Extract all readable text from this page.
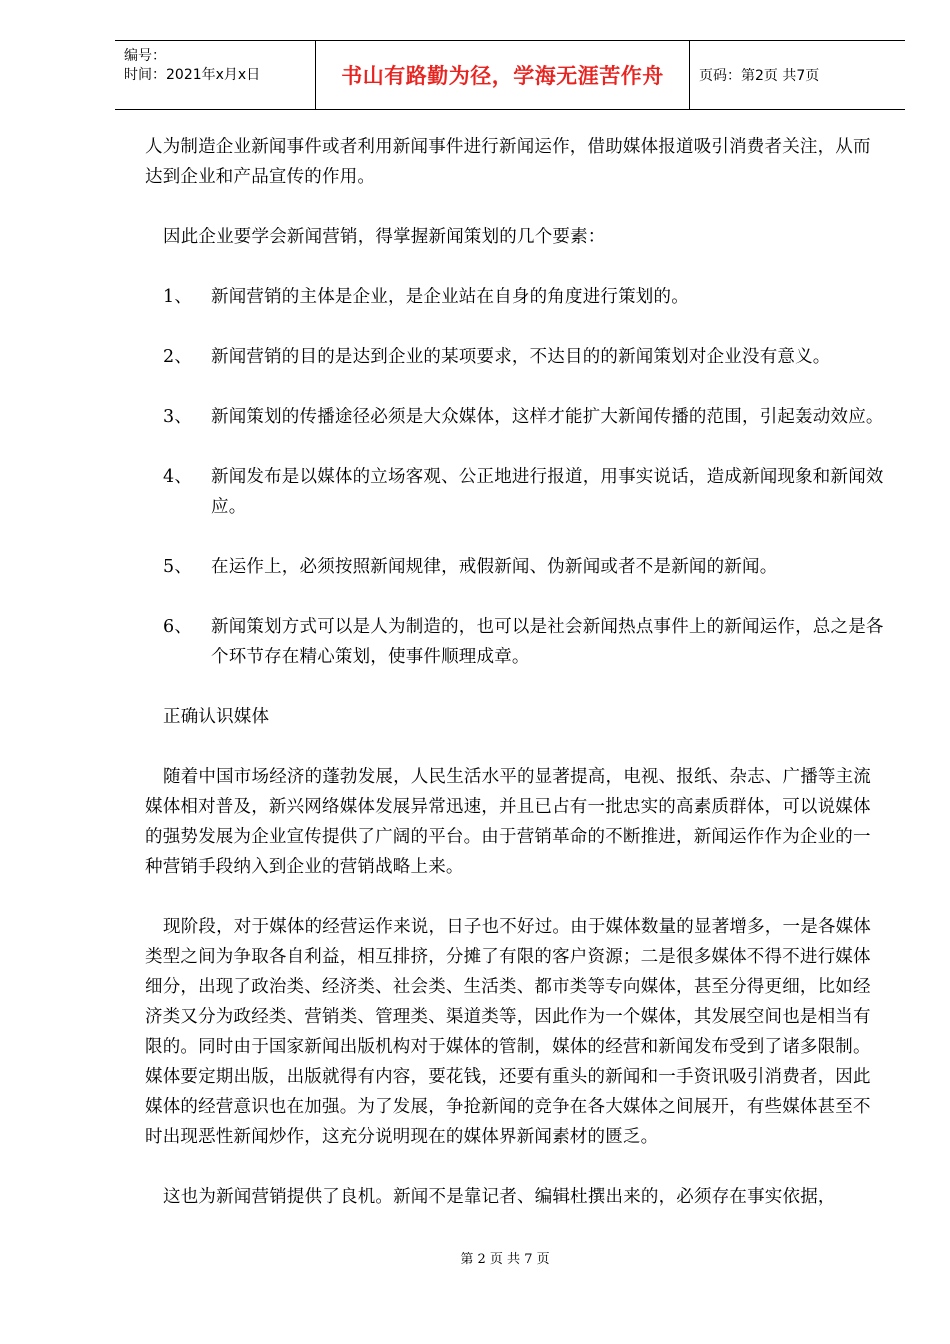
编号：
时间：2021年x月x日	书山有路勤为径，学海无涯苦作舟	页码：第2页 共7页

人为制造企业新闻事件或者利用新闻事件进行新闻运作，借助媒体报道吸引消费者关注，从而达到企业和产品宣传的作用。

因此企业要学会新闻营销，得掌握新闻策划的几个要素：

1、 新闻营销的主体是企业，是企业站在自身的角度进行策划的。

2、 新闻营销的目的是达到企业的某项要求，不达目的的新闻策划对企业没有意义。

3、 新闻策划的传播途径必须是大众媒体，这样才能扩大新闻传播的范围，引起轰动效应。

4、 新闻发布是以媒体的立场客观、公正地进行报道，用事实说话，造成新闻现象和新闻效应。

5、 在运作上，必须按照新闻规律，戒假新闻、伪新闻或者不是新闻的新闻。

6、 新闻策划方式可以是人为制造的，也可以是社会新闻热点事件上的新闻运作，总之是各个环节存在精心策划，使事件顺理成章。

正确认识媒体

随着中国市场经济的蓬勃发展，人民生活水平的显著提高，电视、报纸、杂志、广播等主流媒体相对普及，新兴网络媒体发展异常迅速，并且已占有一批忠实的高素质群体，可以说媒体的强势发展为企业宣传提供了广阔的平台。由于营销革命的不断推进，新闻运作作为企业的一种营销手段纳入到企业的营销战略上来。

现阶段，对于媒体的经营运作来说，日子也不好过。由于媒体数量的显著增多，一是各媒体类型之间为争取各自利益，相互排挤，分摊了有限的客户资源；二是很多媒体不得不进行媒体细分，出现了政治类、经济类、社会类、生活类、都市类等专向媒体，甚至分得更细，比如经济类又分为政经类、营销类、管理类、渠道类等，因此作为一个媒体，其发展空间也是相当有限的。同时由于国家新闻出版机构对于媒体的管制，媒体的经营和新闻发布受到了诸多限制。媒体要定期出版，出版就得有内容，要花钱，还要有重头的新闻和一手资讯吸引消费者，因此媒体的经营意识也在加强。为了发展，争抢新闻的竞争在各大媒体之间展开，有些媒体甚至不时出现恶性新闻炒作，这充分说明现在的媒体界新闻素材的匮乏。

这也为新闻营销提供了良机。新闻不是靠记者、编辑杜撰出来的，必须存在事实依据，

第 2 页 共 7 页
